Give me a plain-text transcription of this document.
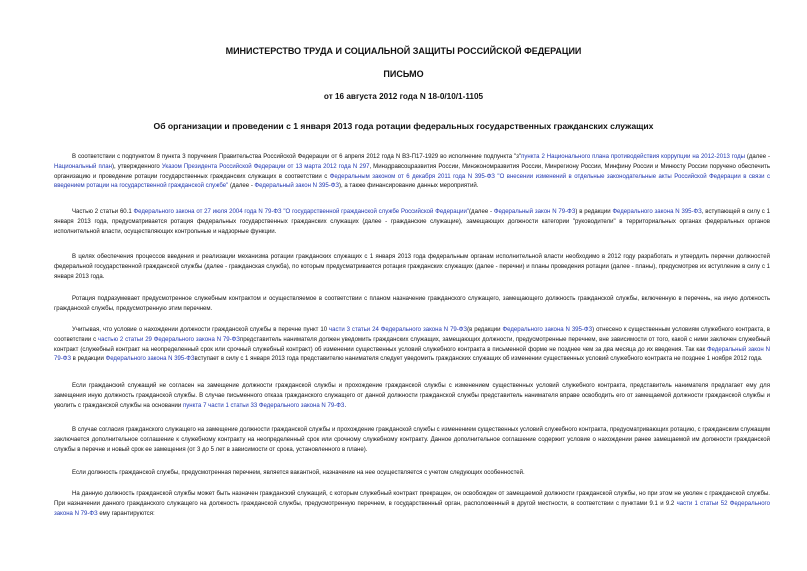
МИНИСТЕРСТВО ТРУДА И СОЦИАЛЬНОЙ ЗАЩИТЫ РОССИЙСКОЙ ФЕДЕРАЦИИ
ПИСЬМО
от 16 августа 2012 года N 18-0/10/1-1105
Об организации и проведении с 1 января 2013 года ротации федеральных государственных гражданских служащих

В соответствии с подпунктом 8 пункта 3 поручения Правительства Российской Федерации от 6 апреля 2012 года N ВЗ-П17-1929 во исполнение подпункта "з"пункта 2 Национального плана противодействия коррупции на 2012-2013 годы (далее - Национальный план), утвержденного Указом Президента Российской Федерации от 13 марта 2012 года N 297, Минздравсоцразвития России, Минэкономразвития России, Минрегиону России, Минфину России и Минюсту России поручено обеспечить организацию и проведение ротации государственных гражданских служащих в соответствии с Федеральным законом от 6 декабря 2011 года N 395-ФЗ "О внесении изменений в отдельные законодательные акты Российской Федерации в связи с введением ротации на государственной гражданской службе" (далее - Федеральный закон N 395-ФЗ), а также финансирование данных мероприятий.

Частью 2 статьи 60.1 Федерального закона от 27 июля 2004 года N 79-ФЗ "О государственной гражданской службе Российской Федерации"(далее - Федеральный закон N 79-ФЗ) в редакции Федерального закона N 395-ФЗ, вступающей в силу с 1 января 2013 года, предусматривается ротация федеральных государственных гражданских служащих (далее - гражданские служащие), замещающих должности категории "руководители" в территориальных органах федеральных органов исполнительной власти, осуществляющих контрольные и надзорные функции.

В целях обеспечения процессов введения и реализации механизма ротации гражданских служащих с 1 января 2013 года федеральным органам исполнительной власти необходимо в 2012 году разработать и утвердить перечни должностей федеральной государственной гражданской службы (далее - гражданская служба), по которым предусматривается ротация гражданских служащих (далее - перечни) и планы проведения ротации (далее - планы), предусмотрев их вступление в силу с 1 января 2013 года.

Ротация подразумевает предусмотренное служебным контрактом и осуществляемое в соответствии с планом назначение гражданского служащего, замещающего должность гражданской службы, включенную в перечень, на иную должность гражданской службы, предусмотренную этим перечнем.

Учитывая, что условие о нахождении должности гражданской службы в перечне пункт 10 части 3 статьи 24 Федерального закона N 79-ФЗ(в редакции Федерального закона N 395-ФЗ) отнесено к существенным условиям служебного контракта, в соответствии с частью 2 статьи 29 Федерального закона N 79-ФЗпредставитель нанимателя должен уведомить гражданских служащих, замещающих должности, предусмотренные перечнем, вне зависимости от того, какой с ними заключен служебный контракт (служебный контракт на неопределенный срок или срочный служебный контракт) об изменении существенных условий служебного контракта в письменной форме не позднее чем за два месяца до их введения. Так как Федеральный закон N 79-ФЗ в редакции Федерального закона N 395-ФЗвступает в силу с 1 января 2013 года представителю нанимателя следует уведомить гражданских служащих об изменении существенных условий служебного контракта не позднее 1 ноября 2012 года.

Если гражданский служащий не согласен на замещение должности гражданской службы и прохождение гражданской службы с изменением существенных условий служебного контракта, представитель нанимателя предлагает ему для замещения иную должность гражданской службы. В случае письменного отказа гражданского служащего от данной должности гражданской службы представитель нанимателя вправе освободить его от замещаемой должности гражданской службы и уволить с гражданской службы на основании пункта 7 части 1 статьи 33 Федерального закона N 79-ФЗ.

В случае согласия гражданского служащего на замещение должности гражданской службы и прохождение гражданской службы с изменением существенных условий служебного контракта, предусматривающих ротацию, с гражданским служащим заключается дополнительное соглашение к служебному контракту на неопределенный срок или срочному служебному контракту. Данное дополнительное соглашение содержит условие о нахождении ранее замещаемой им должности гражданской службы в перечне и новый срок ее замещения (от 3 до 5 лет в зависимости от срока, установленного в плане).

Если должность гражданской службы, предусмотренная перечнем, является вакантной, назначение на нее осуществляется с учетом следующих особенностей.

На данную должность гражданской службы может быть назначен гражданский служащий, с которым служебный контракт прекращен, он освобожден от замещаемой должности гражданской службы, но при этом не уволен с гражданской службы. При назначении данного гражданского служащего на должность гражданской службы, предусмотренную перечнем, в государственный орган, расположенный в другой местности, в соответствии с пунктами 9.1 и 9.2 части 1 статьи 52 Федерального закона N 79-ФЗ ему гарантируются:
